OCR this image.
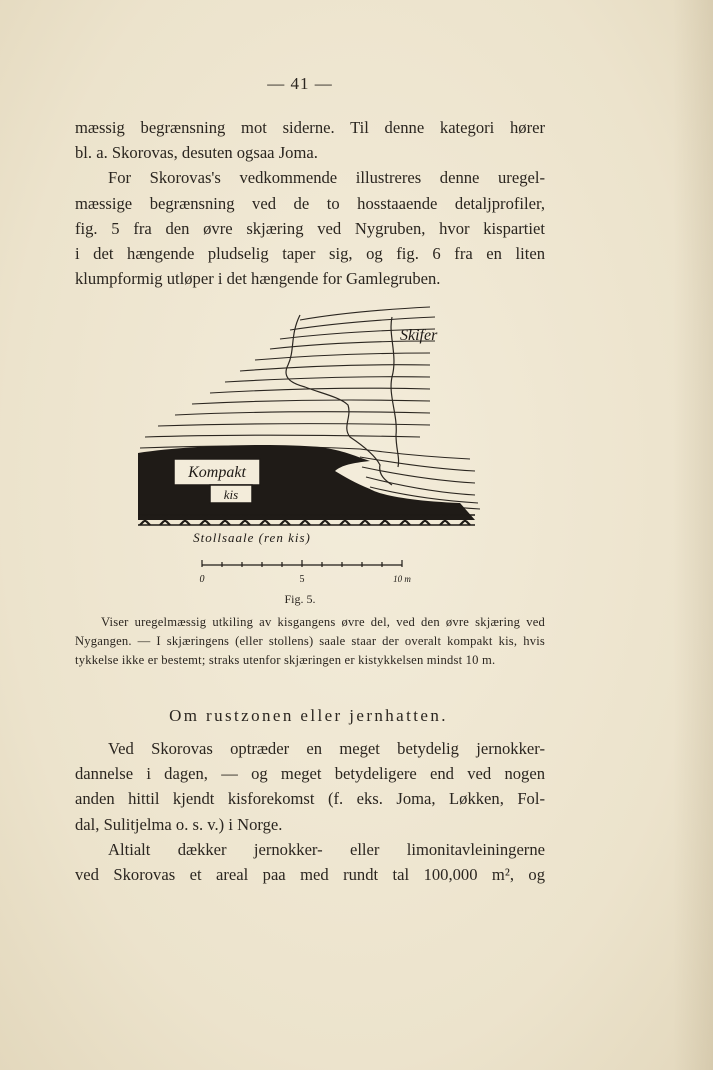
— 41 —

mæssig begrænsning mot siderne. Til denne kategori hører
bl. a. Skorovas, desuten ogsaa Joma.

For Skorovas's vedkommende illustreres denne uregel-
mæssige begrænsning ved de to hosstaaende detaljprofiler,
fig. 5 fra den øvre skjæring ved Nygruben, hvor kispartiet
i det hængende pludselig taper sig, og fig. 6 fra en liten
klumpformig utløper i det hængende for Gamlegruben.

Kompakt
kis
Skifer
Stollsaale (ren kis)
0	5	10 m
Fig. 5.

Viser uregelmæssig utkiling av kisgangens øvre del, ved den øvre skjæring ved Nygangen. — I skjæringens (eller stollens) saale staar der overalt kompakt kis, hvis tykkelse ikke er bestemt; straks utenfor skjæringen er kistykkelsen mindst 10 m.

Om rustzonen eller jernhatten.

Ved Skorovas optræder en meget betydelig jernokker-
dannelse i dagen, — og meget betydeligere end ved nogen
anden hittil kjendt kisforekomst (f. eks. Joma, Løkken, Fol-
dal, Sulitjelma o. s. v.) i Norge.

Altialt dækker jernokker- eller limonitavleiningerne
ved Skorovas et areal paa med rundt tal 100,000 m², og
